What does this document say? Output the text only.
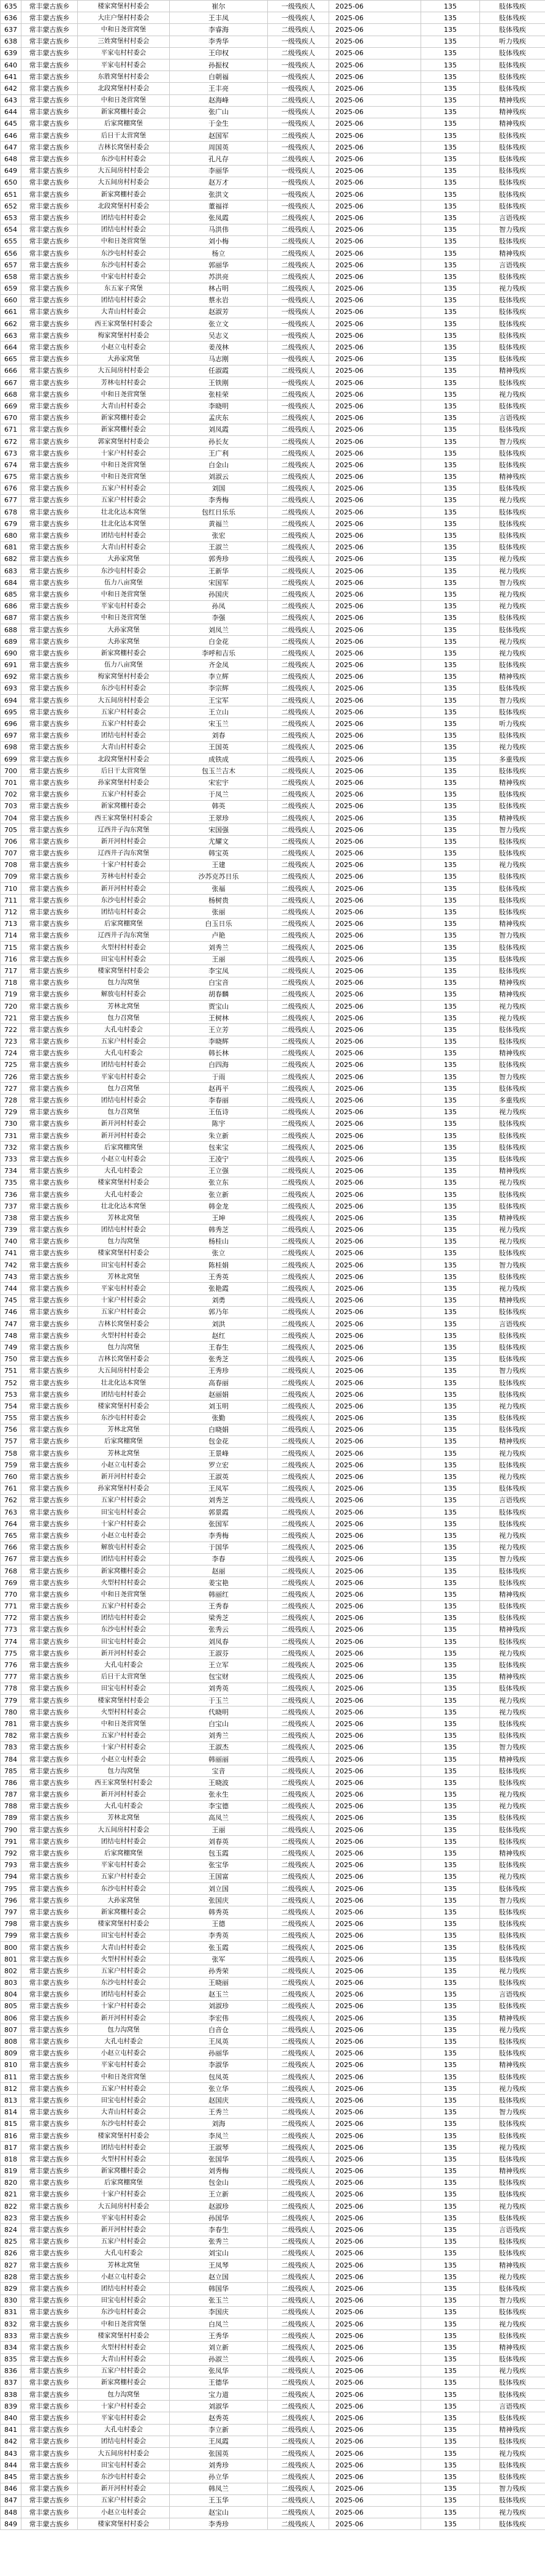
635	常丰蒙古族乡	楼家窝堡村村委会	崔尔	一级残疾人	2025-06	135	肢体残疾
636	常丰蒙古族乡	大庄户堡村村委会	王丰凤	一级残疾人	2025-06	135	肢体残疾
637	常丰蒙古族乡	中和日尧营窝堡	李睿海	二级残疾人	2025-06	135	肢体残疾
638	常丰蒙古族乡	三姓窝堡村村委会	李秀华	一级残疾人	2025-06	135	听力残疾
639	常丰蒙古族乡	平家屯村村委会	王印权	二级残疾人	2025-06	135	肢体残疾
640	常丰蒙古族乡	平家屯村村委会	孙振权	一级残疾人	2025-06	135	肢体残疾
641	常丰蒙古族乡	东胜窝堡村村委会	白朝福	一级残疾人	2025-06	135	肢体残疾
642	常丰蒙古族乡	北段窝堡村村委会	王丰亮	一级残疾人	2025-06	135	肢体残疾
643	常丰蒙古族乡	中和日尧营窝堡	赵海峰	二级残疾人	2025-06	135	精神残疾
644	常丰蒙古族乡	新家窝棚村委会	张广山	一级残疾人	2025-06	135	精神残疾
645	常丰蒙古族乡	后家窝棚窝堡	于金生	一级残疾人	2025-06	135	精神残疾
646	常丰蒙古族乡	后日干太营窝堡	赵国军	二级残疾人	2025-06	135	肢体残疾
647	常丰蒙古族乡	吉林长窝堡村委会	周国英	一级残疾人	2025-06	135	肢体残疾
648	常丰蒙古族乡	东沙屯村村委会	孔凡存	二级残疾人	2025-06	135	肢体残疾
649	常丰蒙古族乡	大五间房村村委会	李丽华	一级残疾人	2025-06	135	肢体残疾
650	常丰蒙古族乡	大五间房村村委会	赵万才	一级残疾人	2025-06	135	肢体残疾
651	常丰蒙古族乡	新家窝棚村委会	张洪文	一级残疾人	2025-06	135	肢体残疾
652	常丰蒙古族乡	北段窝堡村村委会	董福祥	一级残疾人	2025-06	135	肢体残疾
653	常丰蒙古族乡	团结屯村村委会	张凤霞	二级残疾人	2025-06	135	言语残疾
654	常丰蒙古族乡	团结屯村村委会	马洪伟	二级残疾人	2025-06	135	智力残疾
655	常丰蒙古族乡	中和日尧营窝堡	刘小梅	二级残疾人	2025-06	135	肢体残疾
656	常丰蒙古族乡	东沙屯村村委会	杨立	二级残疾人	2025-06	135	精神残疾
657	常丰蒙古族乡	东沙屯村村委会	郭丽华	二级残疾人	2025-06	135	言语残疾
658	常丰蒙古族乡	中家屯村村委会	苏洪亮	二级残疾人	2025-06	135	肢体残疾
659	常丰蒙古族乡	东五家子窝堡	林占明	二级残疾人	2025-06	135	视力残疾
660	常丰蒙古族乡	团结屯村村委会	蔡永岩	一级残疾人	2025-06	135	肢体残疾
661	常丰蒙古族乡	大青山村村委会	赵淑芳	一级残疾人	2025-06	135	肢体残疾
662	常丰蒙古族乡	西王家窝堡村村委会	张立文	一级残疾人	2025-06	135	肢体残疾
663	常丰蒙古族乡	梅家窝堡村村委会	吴志义	一级残疾人	2025-06	135	肢体残疾
664	常丰蒙古族乡	小赵立屯村委会	姜茂林	二级残疾人	2025-06	135	肢体残疾
665	常丰蒙古族乡	大孙家窝堡	马志刚	一级残疾人	2025-06	135	肢体残疾
666	常丰蒙古族乡	大五间房村村委会	任淑霞	二级残疾人	2025-06	135	精神残疾
667	常丰蒙古族乡	芳林屯村村委会	王铁刚	一级残疾人	2025-06	135	肢体残疾
668	常丰蒙古族乡	中和日尧营窝堡	张桂荣	二级残疾人	2025-06	135	视力残疾
669	常丰蒙古族乡	大青山村村委会	李晓明	一级残疾人	2025-06	135	肢体残疾
670	常丰蒙古族乡	新家窝棚村委会	孟庆东	二级残疾人	2025-06	135	言语残疾
671	常丰蒙古族乡	新家窝棚村委会	刘凤霞	二级残疾人	2025-06	135	肢体残疾
672	常丰蒙古族乡	郭家窝堡村村委会	孙长友	二级残疾人	2025-06	135	智力残疾
673	常丰蒙古族乡	十家户村村委会	王广利	二级残疾人	2025-06	135	肢体残疾
674	常丰蒙古族乡	中和日尧营窝堡	白金山	二级残疾人	2025-06	135	肢体残疾
675	常丰蒙古族乡	中和日尧营窝堡	刘淑云	二级残疾人	2025-06	135	精神残疾
676	常丰蒙古族乡	五家户村村委会	刘国	二级残疾人	2025-06	135	肢体残疾
677	常丰蒙古族乡	五家户村村委会	李秀梅	二级残疾人	2025-06	135	视力残疾
678	常丰蒙古族乡	壮北化达本窝堡	包红日乐乐	二级残疾人	2025-06	135	肢体残疾
679	常丰蒙古族乡	壮北化达本窝堡	黄福兰	二级残疾人	2025-06	135	肢体残疾
680	常丰蒙古族乡	团结屯村村委会	张宏	二级残疾人	2025-06	135	肢体残疾
681	常丰蒙古族乡	大青山村村委会	王淑兰	二级残疾人	2025-06	135	肢体残疾
682	常丰蒙古族乡	大孙家窝堡	郭秀珍	二级残疾人	2025-06	135	视力残疾
683	常丰蒙古族乡	东沙屯村村委会	王新华	二级残疾人	2025-06	135	视力残疾
684	常丰蒙古族乡	伍力八亩窝堡	宋国军	二级残疾人	2025-06	135	智力残疾
685	常丰蒙古族乡	中和日尧营窝堡	孙国庆	二级残疾人	2025-06	135	视力残疾
686	常丰蒙古族乡	平家屯村村委会	孙凤	二级残疾人	2025-06	135	视力残疾
687	常丰蒙古族乡	中和日尧营窝堡	李强	二级残疾人	2025-06	135	肢体残疾
688	常丰蒙古族乡	大孙家窝堡	刘凤兰	二级残疾人	2025-06	135	肢体残疾
689	常丰蒙古族乡	大孙家窝堡	白金花	二级残疾人	2025-06	135	视力残疾
690	常丰蒙古族乡	新家窝棚村委会	李呼和吉乐	二级残疾人	2025-06	135	视力残疾
691	常丰蒙古族乡	伍力八亩窝堡	齐金凤	二级残疾人	2025-06	135	肢体残疾
692	常丰蒙古族乡	梅家窝堡村村委会	李立辉	二级残疾人	2025-06	135	精神残疾
693	常丰蒙古族乡	东沙屯村村委会	李宗辉	二级残疾人	2025-06	135	肢体残疾
694	常丰蒙古族乡	大五间房村村委会	王宝军	二级残疾人	2025-06	135	智力残疾
695	常丰蒙古族乡	五家户村村委会	王立山	二级残疾人	2025-06	135	肢体残疾
696	常丰蒙古族乡	五家户村村委会	宋玉兰	二级残疾人	2025-06	135	听力残疾
697	常丰蒙古族乡	团结屯村村委会	刘春	二级残疾人	2025-06	135	肢体残疾
698	常丰蒙古族乡	大青山村村委会	王国英	二级残疾人	2025-06	135	视力残疾
699	常丰蒙古族乡	北段窝堡村村委会	成铁成	二级残疾人	2025-06	135	多重残疾
700	常丰蒙古族乡	后日干太营窝堡	包玉兰吉木	二级残疾人	2025-06	135	肢体残疾
701	常丰蒙古族乡	孙家窝堡村村委会	宋宏宇	二级残疾人	2025-06	135	精神残疾
702	常丰蒙古族乡	五家户村村委会	于凤兰	二级残疾人	2025-06	135	肢体残疾
703	常丰蒙古族乡	新家窝棚村委会	韩英	二级残疾人	2025-06	135	肢体残疾
704	常丰蒙古族乡	西王家窝堡村村委会	王翠珍	二级残疾人	2025-06	135	精神残疾
705	常丰蒙古族乡	辽西井子沟东窝堡	宋国强	二级残疾人	2025-06	135	智力残疾
706	常丰蒙古族乡	新开河村村委会	尤耀文	二级残疾人	2025-06	135	肢体残疾
707	常丰蒙古族乡	辽西井子沟东窝堡	韩宝英	二级残疾人	2025-06	135	肢体残疾
708	常丰蒙古族乡	十家户村村委会	王建	二级残疾人	2025-06	135	视力残疾
709	常丰蒙古族乡	芳林屯村村委会	沙苏克苏日乐	二级残疾人	2025-06	135	肢体残疾
710	常丰蒙古族乡	新开河村村委会	张福	二级残疾人	2025-06	135	肢体残疾
711	常丰蒙古族乡	东沙屯村村委会	杨树贵	二级残疾人	2025-06	135	肢体残疾
712	常丰蒙古族乡	团结屯村村委会	张丽	二级残疾人	2025-06	135	肢体残疾
713	常丰蒙古族乡	后家窝棚窝堡	白玉日乐	二级残疾人	2025-06	135	精神残疾
714	常丰蒙古族乡	辽西井子沟东窝堡	卢艳	二级残疾人	2025-06	135	智力残疾
715	常丰蒙古族乡	火型村村村委会	刘秀兰	二级残疾人	2025-06	135	肢体残疾
716	常丰蒙古族乡	田宝屯村村委会	王丽	二级残疾人	2025-06	135	肢体残疾
717	常丰蒙古族乡	楼家窝堡村村委会	李宝凤	二级残疾人	2025-06	135	肢体残疾
718	常丰蒙古族乡	包力沟窝堡	白宝音	二级残疾人	2025-06	135	精神残疾
719	常丰蒙古族乡	解放屯村村委会	胡春麟	二级残疾人	2025-06	135	精神残疾
720	常丰蒙古族乡	芳林北窝堡	贾宝山	二级残疾人	2025-06	135	视力残疾
721	常丰蒙古族乡	包力召窝堡	王树林	二级残疾人	2025-06	135	视力残疾
722	常丰蒙古族乡	大孔屯村委会	王立芳	二级残疾人	2025-06	135	肢体残疾
723	常丰蒙古族乡	五家户村村委会	李晓辉	二级残疾人	2025-06	135	肢体残疾
724	常丰蒙古族乡	大孔屯村委会	韩长林	二级残疾人	2025-06	135	精神残疾
725	常丰蒙古族乡	团结屯村村委会	白四海	二级残疾人	2025-06	135	肢体残疾
726	常丰蒙古族乡	平家屯村村委会	于雨	二级残疾人	2025-06	135	智力残疾
727	常丰蒙古族乡	包力召窝堡	赵再平	二级残疾人	2025-06	135	肢体残疾
728	常丰蒙古族乡	团结屯村村委会	李春丽	二级残疾人	2025-06	135	多重残疾
729	常丰蒙古族乡	包力召窝堡	王伍诗	二级残疾人	2025-06	135	视力残疾
730	常丰蒙古族乡	新开河村村委会	陈宇	二级残疾人	2025-06	135	肢体残疾
731	常丰蒙古族乡	新开河村村委会	朱立新	二级残疾人	2025-06	135	肢体残疾
732	常丰蒙古族乡	后家窝棚窝堡	包来宝	二级残疾人	2025-06	135	肢体残疾
733	常丰蒙古族乡	小赵立屯村委会	王凌宁	二级残疾人	2025-06	135	肢体残疾
734	常丰蒙古族乡	大孔屯村委会	王立强	二级残疾人	2025-06	135	精神残疾
735	常丰蒙古族乡	楼家窝堡村村委会	张立东	二级残疾人	2025-06	135	视力残疾
736	常丰蒙古族乡	大孔屯村委会	张立新	二级残疾人	2025-06	135	肢体残疾
737	常丰蒙古族乡	壮北化达本窝堡	韩金龙	二级残疾人	2025-06	135	肢体残疾
738	常丰蒙古族乡	芳林北窝堡	王坤	二级残疾人	2025-06	135	精神残疾
739	常丰蒙古族乡	团结屯村村委会	韩秀芝	二级残疾人	2025-06	135	视力残疾
740	常丰蒙古族乡	包力沟窝堡	杨桂山	二级残疾人	2025-06	135	视力残疾
741	常丰蒙古族乡	楼家窝堡村村委会	张立	二级残疾人	2025-06	135	肢体残疾
742	常丰蒙古族乡	田宝屯村村委会	陈桂娟	二级残疾人	2025-06	135	智力残疾
743	常丰蒙古族乡	芳林北窝堡	王秀英	二级残疾人	2025-06	135	肢体残疾
744	常丰蒙古族乡	平家屯村村委会	张艳霞	二级残疾人	2025-06	135	视力残疾
745	常丰蒙古族乡	十家户村村委会	刘勇	二级残疾人	2025-06	135	精神残疾
746	常丰蒙古族乡	五家户村村委会	郭乃年	二级残疾人	2025-06	135	肢体残疾
747	常丰蒙古族乡	吉林长窝堡村委会	刘洪	二级残疾人	2025-06	135	言语残疾
748	常丰蒙古族乡	火型村村村委会	赵红	二级残疾人	2025-06	135	肢体残疾
749	常丰蒙古族乡	包力沟窝堡	王春生	二级残疾人	2025-06	135	肢体残疾
750	常丰蒙古族乡	吉林长窝堡村委会	张秀芝	二级残疾人	2025-06	135	肢体残疾
751	常丰蒙古族乡	大五间房村村委会	王秀珍	二级残疾人	2025-06	135	智力残疾
752	常丰蒙古族乡	壮北化达本窝堡	高春丽	二级残疾人	2025-06	135	肢体残疾
753	常丰蒙古族乡	团结屯村村委会	赵丽娟	二级残疾人	2025-06	135	肢体残疾
754	常丰蒙古族乡	楼家窝堡村村委会	刘玉明	二级残疾人	2025-06	135	视力残疾
755	常丰蒙古族乡	东沙屯村村委会	张勤	二级残疾人	2025-06	135	肢体残疾
756	常丰蒙古族乡	芳林北窝堡	白晓娟	二级残疾人	2025-06	135	肢体残疾
757	常丰蒙古族乡	后家窝棚窝堡	包金花	二级残疾人	2025-06	135	精神残疾
758	常丰蒙古族乡	芳林北窝堡	王景峰	二级残疾人	2025-06	135	视力残疾
759	常丰蒙古族乡	小赵立屯村委会	罗立宏	二级残疾人	2025-06	135	肢体残疾
760	常丰蒙古族乡	新开河村村委会	王淑英	二级残疾人	2025-06	135	视力残疾
761	常丰蒙古族乡	孙家窝堡村村委会	王凤军	二级残疾人	2025-06	135	肢体残疾
762	常丰蒙古族乡	五家户村村委会	刘秀芝	二级残疾人	2025-06	135	言语残疾
763	常丰蒙古族乡	田宝屯村村委会	郭景霞	二级残疾人	2025-06	135	肢体残疾
764	常丰蒙古族乡	十家户村村委会	张国军	二级残疾人	2025-06	135	肢体残疾
765	常丰蒙古族乡	小赵立屯村委会	李秀梅	二级残疾人	2025-06	135	视力残疾
766	常丰蒙古族乡	解放屯村村委会	于国华	二级残疾人	2025-06	135	视力残疾
767	常丰蒙古族乡	团结屯村村委会	李春	二级残疾人	2025-06	135	智力残疾
768	常丰蒙古族乡	新家窝棚村委会	赵丽	二级残疾人	2025-06	135	肢体残疾
769	常丰蒙古族乡	火型村村村委会	姜宝艳	二级残疾人	2025-06	135	肢体残疾
770	常丰蒙古族乡	中和日尧营窝堡	韩丽红	二级残疾人	2025-06	135	精神残疾
771	常丰蒙古族乡	五家户村村委会	王秀春	二级残疾人	2025-06	135	肢体残疾
772	常丰蒙古族乡	团结屯村村委会	梁秀芝	二级残疾人	2025-06	135	肢体残疾
773	常丰蒙古族乡	东沙屯村村委会	张秀云	二级残疾人	2025-06	135	精神残疾
774	常丰蒙古族乡	田宝屯村村委会	刘凤春	二级残疾人	2025-06	135	肢体残疾
775	常丰蒙古族乡	新开河村村委会	王淑芬	二级残疾人	2025-06	135	视力残疾
776	常丰蒙古族乡	大孔屯村委会	王立军	二级残疾人	2025-06	135	肢体残疾
777	常丰蒙古族乡	后日干太营窝堡	包宝财	二级残疾人	2025-06	135	精神残疾
778	常丰蒙古族乡	田宝屯村村委会	刘秀英	二级残疾人	2025-06	135	肢体残疾
779	常丰蒙古族乡	楼家窝堡村村委会	于玉兰	二级残疾人	2025-06	135	视力残疾
780	常丰蒙古族乡	火型村村村委会	代晓明	二级残疾人	2025-06	135	视力残疾
781	常丰蒙古族乡	中和日尧营窝堡	白宝山	二级残疾人	2025-06	135	肢体残疾
782	常丰蒙古族乡	五家户村村委会	刘秀兰	二级残疾人	2025-06	135	肢体残疾
783	常丰蒙古族乡	十家户村村委会	王淑杰	二级残疾人	2025-06	135	智力残疾
784	常丰蒙古族乡	小赵立屯村委会	韩丽丽	二级残疾人	2025-06	135	精神残疾
785	常丰蒙古族乡	包力沟窝堡	宝音	二级残疾人	2025-06	135	肢体残疾
786	常丰蒙古族乡	西王家窝堡村村委会	王晓波	二级残疾人	2025-06	135	肢体残疾
787	常丰蒙古族乡	新开河村村委会	张永生	二级残疾人	2025-06	135	视力残疾
788	常丰蒙古族乡	大孔屯村委会	李宝德	二级残疾人	2025-06	135	视力残疾
789	常丰蒙古族乡	芳林北窝堡	高凤兰	二级残疾人	2025-06	135	肢体残疾
790	常丰蒙古族乡	大五间房村村委会	王丽	二级残疾人	2025-06	135	肢体残疾
791	常丰蒙古族乡	团结屯村村委会	刘春英	二级残疾人	2025-06	135	肢体残疾
792	常丰蒙古族乡	后家窝棚窝堡	包玉霞	二级残疾人	2025-06	135	精神残疾
793	常丰蒙古族乡	平家屯村村委会	张宝华	二级残疾人	2025-06	135	肢体残疾
794	常丰蒙古族乡	五家户村村委会	王国富	二级残疾人	2025-06	135	视力残疾
795	常丰蒙古族乡	东沙屯村村委会	刘立国	二级残疾人	2025-06	135	肢体残疾
796	常丰蒙古族乡	大孙家窝堡	张国庆	二级残疾人	2025-06	135	智力残疾
797	常丰蒙古族乡	新家窝棚村委会	韩秀英	二级残疾人	2025-06	135	肢体残疾
798	常丰蒙古族乡	楼家窝堡村村委会	王德	二级残疾人	2025-06	135	肢体残疾
799	常丰蒙古族乡	田宝屯村村委会	李秀英	二级残疾人	2025-06	135	肢体残疾
800	常丰蒙古族乡	大青山村村委会	张玉霞	二级残疾人	2025-06	135	肢体残疾
801	常丰蒙古族乡	火型村村村委会	张军	二级残疾人	2025-06	135	肢体残疾
802	常丰蒙古族乡	五家户村村委会	孙秀荣	二级残疾人	2025-06	135	视力残疾
803	常丰蒙古族乡	东沙屯村村委会	王晓丽	二级残疾人	2025-06	135	肢体残疾
804	常丰蒙古族乡	团结屯村村委会	赵玉兰	二级残疾人	2025-06	135	言语残疾
805	常丰蒙古族乡	十家户村村委会	刘淑珍	二级残疾人	2025-06	135	肢体残疾
806	常丰蒙古族乡	新开河村村委会	李宏伟	二级残疾人	2025-06	135	精神残疾
807	常丰蒙古族乡	包力沟窝堡	白音仓	二级残疾人	2025-06	135	视力残疾
808	常丰蒙古族乡	大孔屯村委会	王凤英	二级残疾人	2025-06	135	肢体残疾
809	常丰蒙古族乡	小赵立屯村委会	孙丽华	二级残疾人	2025-06	135	肢体残疾
810	常丰蒙古族乡	平家屯村村委会	李淑华	二级残疾人	2025-06	135	精神残疾
811	常丰蒙古族乡	中和日尧营窝堡	包凤英	二级残疾人	2025-06	135	肢体残疾
812	常丰蒙古族乡	五家户村村委会	张立华	二级残疾人	2025-06	135	视力残疾
813	常丰蒙古族乡	田宝屯村村委会	赵国庆	二级残疾人	2025-06	135	肢体残疾
814	常丰蒙古族乡	大青山村村委会	王秀兰	二级残疾人	2025-06	135	智力残疾
815	常丰蒙古族乡	东沙屯村村委会	刘海	二级残疾人	2025-06	135	肢体残疾
816	常丰蒙古族乡	楼家窝堡村村委会	李凤兰	二级残疾人	2025-06	135	肢体残疾
817	常丰蒙古族乡	团结屯村村委会	王淑琴	二级残疾人	2025-06	135	视力残疾
818	常丰蒙古族乡	火型村村村委会	张国华	二级残疾人	2025-06	135	肢体残疾
819	常丰蒙古族乡	新家窝棚村委会	刘秀梅	二级残疾人	2025-06	135	精神残疾
820	常丰蒙古族乡	后家窝棚窝堡	包金山	二级残疾人	2025-06	135	肢体残疾
821	常丰蒙古族乡	十家户村村委会	王立新	二级残疾人	2025-06	135	肢体残疾
822	常丰蒙古族乡	大五间房村村委会	赵淑珍	二级残疾人	2025-06	135	视力残疾
823	常丰蒙古族乡	平家屯村村委会	孙国华	二级残疾人	2025-06	135	肢体残疾
824	常丰蒙古族乡	新开河村村委会	李春生	二级残疾人	2025-06	135	言语残疾
825	常丰蒙古族乡	五家户村村委会	张秀兰	二级残疾人	2025-06	135	肢体残疾
826	常丰蒙古族乡	大孔屯村委会	刘宝山	二级残疾人	2025-06	135	肢体残疾
827	常丰蒙古族乡	芳林北窝堡	王凤琴	二级残疾人	2025-06	135	精神残疾
828	常丰蒙古族乡	小赵立屯村委会	赵立国	二级残疾人	2025-06	135	视力残疾
829	常丰蒙古族乡	团结屯村村委会	韩国华	二级残疾人	2025-06	135	肢体残疾
830	常丰蒙古族乡	田宝屯村村委会	张玉兰	二级残疾人	2025-06	135	智力残疾
831	常丰蒙古族乡	东沙屯村村委会	李国庆	二级残疾人	2025-06	135	肢体残疾
832	常丰蒙古族乡	中和日尧营窝堡	白凤兰	二级残疾人	2025-06	135	视力残疾
833	常丰蒙古族乡	楼家窝堡村村委会	王秀华	二级残疾人	2025-06	135	肢体残疾
834	常丰蒙古族乡	火型村村村委会	刘立新	二级残疾人	2025-06	135	精神残疾
835	常丰蒙古族乡	大青山村村委会	孙淑兰	二级残疾人	2025-06	135	肢体残疾
836	常丰蒙古族乡	五家户村村委会	张凤华	二级残疾人	2025-06	135	视力残疾
837	常丰蒙古族乡	新家窝棚村委会	王德华	二级残疾人	2025-06	135	肢体残疾
838	常丰蒙古族乡	包力沟窝堡	宝力道	二级残疾人	2025-06	135	肢体残疾
839	常丰蒙古族乡	十家户村村委会	刘淑华	二级残疾人	2025-06	135	言语残疾
840	常丰蒙古族乡	平家屯村村委会	赵秀英	二级残疾人	2025-06	135	肢体残疾
841	常丰蒙古族乡	大孔屯村委会	李立新	二级残疾人	2025-06	135	精神残疾
842	常丰蒙古族乡	团结屯村村委会	王凤霞	二级残疾人	2025-06	135	肢体残疾
843	常丰蒙古族乡	大五间房村村委会	张国英	二级残疾人	2025-06	135	视力残疾
844	常丰蒙古族乡	田宝屯村村委会	刘秀珍	二级残疾人	2025-06	135	肢体残疾
845	常丰蒙古族乡	东沙屯村村委会	孙立华	二级残疾人	2025-06	135	肢体残疾
846	常丰蒙古族乡	新开河村村委会	韩凤兰	二级残疾人	2025-06	135	智力残疾
847	常丰蒙古族乡	五家户村村委会	王玉华	二级残疾人	2025-06	135	肢体残疾
848	常丰蒙古族乡	小赵立屯村委会	赵宝山	二级残疾人	2025-06	135	视力残疾
849	常丰蒙古族乡	楼家窝堡村村委会	李秀珍	二级残疾人	2025-06	135	肢体残疾
